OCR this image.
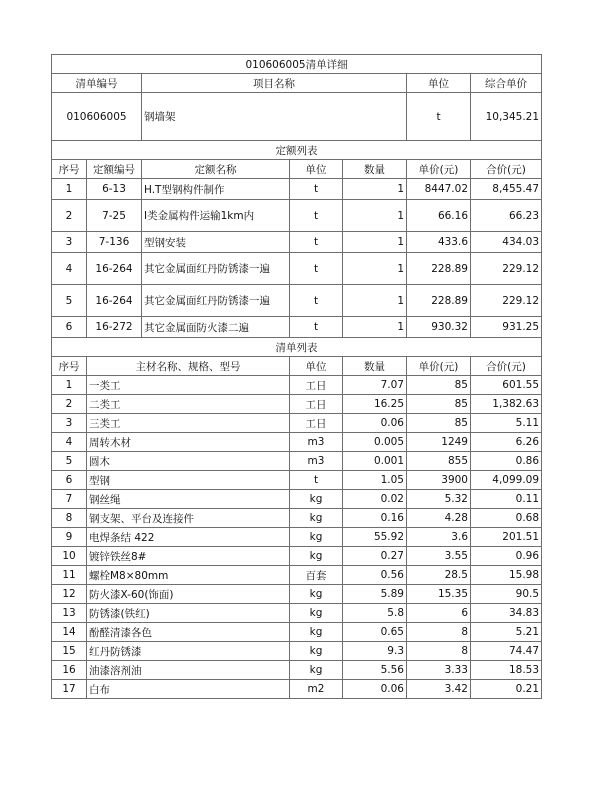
010606005清单详细						
清单编号		项目名称			单位	综合单价
010606005		钢墙架			t	10,345.21
定额列表						
序号	定额编号	定额名称	单位	数量	单价(元)	合价(元)
1	6-13	H.T型钢构件制作	t	1	8447.02	8,455.47
2	7-25	Ⅰ类金属构件运输1km内	t	1	66.16	66.23
3	7-136	型钢安装	t	1	433.6	434.03
4	16-264	其它金属面红丹防锈漆一遍	t	1	228.89	229.12
5	16-264	其它金属面红丹防锈漆一遍	t	1	228.89	229.12
6	16-272	其它金属面防火漆二遍	t	1	930.32	931.25
清单列表						
序号	主材名称、规格、型号		单位	数量	单价(元)	合价(元)
1	一类工		工日	7.07	85	601.55
2	二类工		工日	16.25	85	1,382.63
3	三类工		工日	0.06	85	5.11
4	周转木材		m3	0.005	1249	6.26
5	圆木		m3	0.001	855	0.86
6	型钢		t	1.05	3900	4,099.09
7	钢丝绳		kg	0.02	5.32	0.11
8	钢支架、平台及连接件		kg	0.16	4.28	0.68
9	电焊条结 422		kg	55.92	3.6	201.51
10	镀锌铁丝8#		kg	0.27	3.55	0.96
11	螺栓M8×80mm		百套	0.56	28.5	15.98
12	防火漆X-60(饰面)		kg	5.89	15.35	90.5
13	防锈漆(铁红)		kg	5.8	6	34.83
14	酚醛清漆各色		kg	0.65	8	5.21
15	红丹防锈漆		kg	9.3	8	74.47
16	油漆溶剂油		kg	5.56	3.33	18.53
17	白布		m2	0.06	3.42	0.21
